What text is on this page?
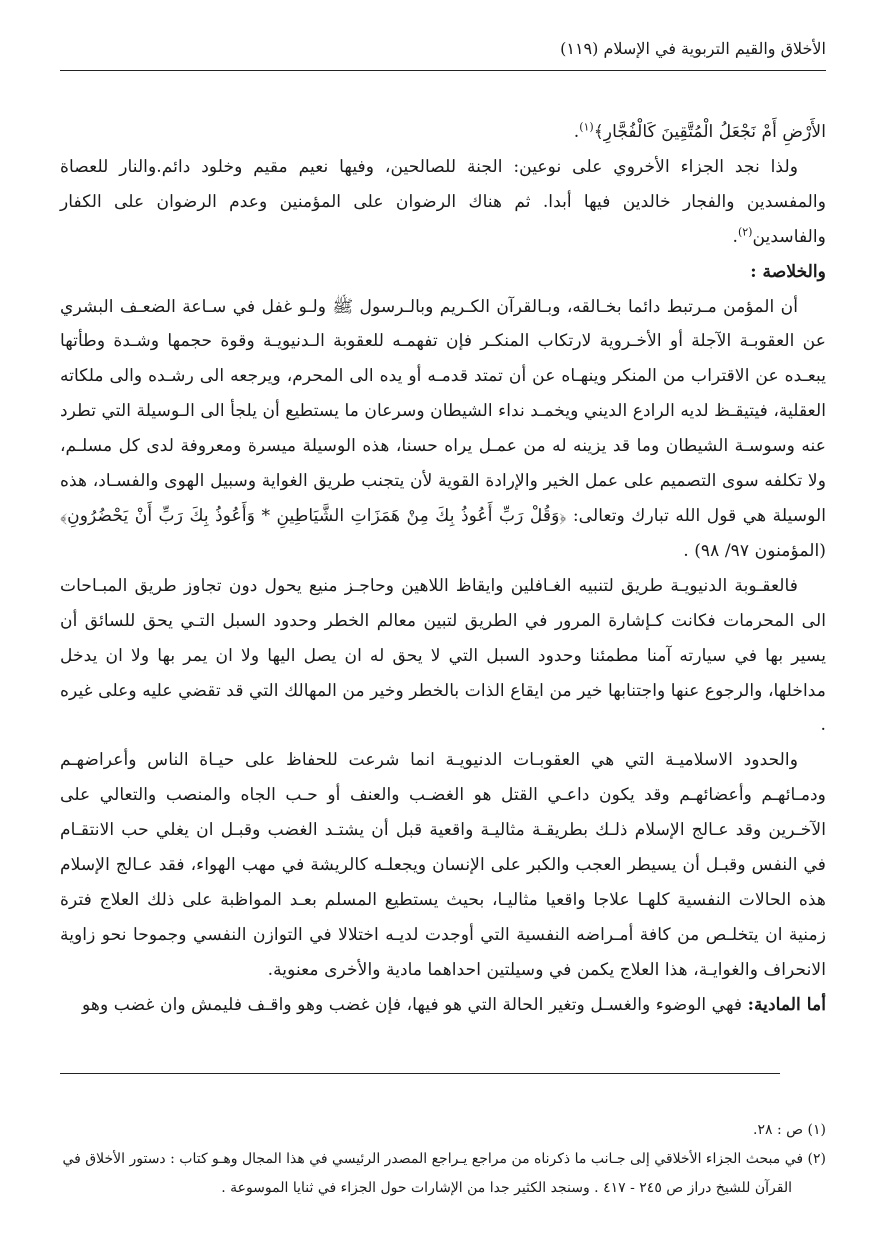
الأخلاق والقيم التربوية في الإسلام (١١٩)

الأَرْضِ أَمْ نَجْعَلُ الْمُتَّقِينَ كَالْفُجَّارِ﴾$^{(١)}$.

ولذا نجد الجزاء الأخروي على نوعين: الجنة للصالحين، وفيها نعيم مقيم وخلود دائم.والنار للعصاة والمفسدين والفجار خالدين فيها أبدا. ثم هناك الرضوان على المؤمنين وعدم الرضوان على الكفار والفاسدين$^{(٢)}$.

والخلاصة :

أن المؤمن مـرتبط دائما بخـالقه، وبـالقرآن الكـريم وبالـرسول ﷺ ولـو غفل في سـاعة الضعـف البشري عن العقوبـة الآجلة أو الأخـروية لارتكاب المنكـر فإن تفهمـه للعقوبة الـدنيويـة وقوة حجمها وشـدة وطأتها يبعـده عن الاقتراب من المنكر وينهـاه عن أن تمتد قدمـه أو يده الى المحرم، ويرجعه الى رشـده والى ملكاته العقلية، فيتيقـظ لديه الرادع الديني ويخمـد نداء الشيطان وسرعان ما يستطيع أن يلجأ الى الـوسيلة التي تطرد عنه وسوسـة الشيطان وما قد يزينه له من عمـل يراه حسنا، هذه الوسيلة ميسرة ومعروفة لدى كل مسلـم، ولا تكلفه سوى التصميم على عمل الخير والإرادة القوية لأن يتجنب طريق الغواية وسبيل الهوى والفسـاد، هذه الوسيلة هي قول الله تبارك وتعالى: ﴿وَقُلْ رَبِّ أَعُوذُ بِكَ مِنْ هَمَزَاتِ الشَّيَاطِينِ * وَأَعُوذُ بِكَ رَبِّ أَنْ يَحْضُرُونِ﴾ (المؤمنون ٩٧/ ٩٨) .

فالعقـوبة الدنيويـة طريق لتنبيه الغـافلين وايقاظ اللاهين وحاجـز منيع يحول دون تجاوز طريق المبـاحات الى المحرمات فكانت كـإشارة المرور في الطريق لتبين معالم الخطر وحدود السبل التـي يحق للسائق أن يسير بها في سيارته آمنا مطمئنا وحدود السبل التي لا يحق له ان يصل اليها ولا ان يمر بها ولا ان يدخل مداخلها، والرجوع عنها واجتنابها خير من ايقاع الذات بالخطر وخير من المهالك التي قد تقضي عليه وعلى غيره .

والحدود الاسلاميـة التي هي العقوبـات الدنيويـة انما شرعت للحفاظ على حيـاة الناس وأعراضهـم ودمـائهـم وأعضائهـم وقد يكون داعـي القتل هو الغضـب والعنف أو حـب الجاه والمنصب والتعالي على الآخـرين وقد عـالج الإسلام ذلـك بطريقـة مثاليـة واقعية قبل أن يشتـد الغضب وقبـل ان يغلي حب الانتقـام في النفس وقبـل أن يسيطر العجب والكبر على الإنسان ويجعلـه كالريشة في مهب الهواء، فقد عـالج الإسلام هذه الحالات النفسية كلهـا علاجا واقعيا مثاليـا، بحيث يستطيع المسلم بعـد المواظبة على ذلك العلاج فترة زمنية ان يتخلـص من كافة أمـراضه النفسية التي أوجدت لديـه اختلالا في التوازن النفسي وجموحا نحو زاوية الانحراف والغوايـة، هذا العلاج يكمن في وسيلتين احداهما مادية والأخرى معنوية.

أما المادية: فهي الوضوء والغسـل وتغير الحالة التي هو فيها، فإن غضب وهو واقـف فليمش وان غضب وهو

(١) ص : ٢٨.

(٢) في مبحث الجزاء الأخلاقي إلى جـانب ما ذكرناه من مراجع يـراجع المصدر الرئيسي في هذا المجال وهـو كتاب : دستور الأخلاق في

القرآن للشيخ دراز ص ٢٤٥ - ٤١٧ . وسنجد الكثير جدا من الإشارات حول الجزاء في ثنايا الموسوعة .
